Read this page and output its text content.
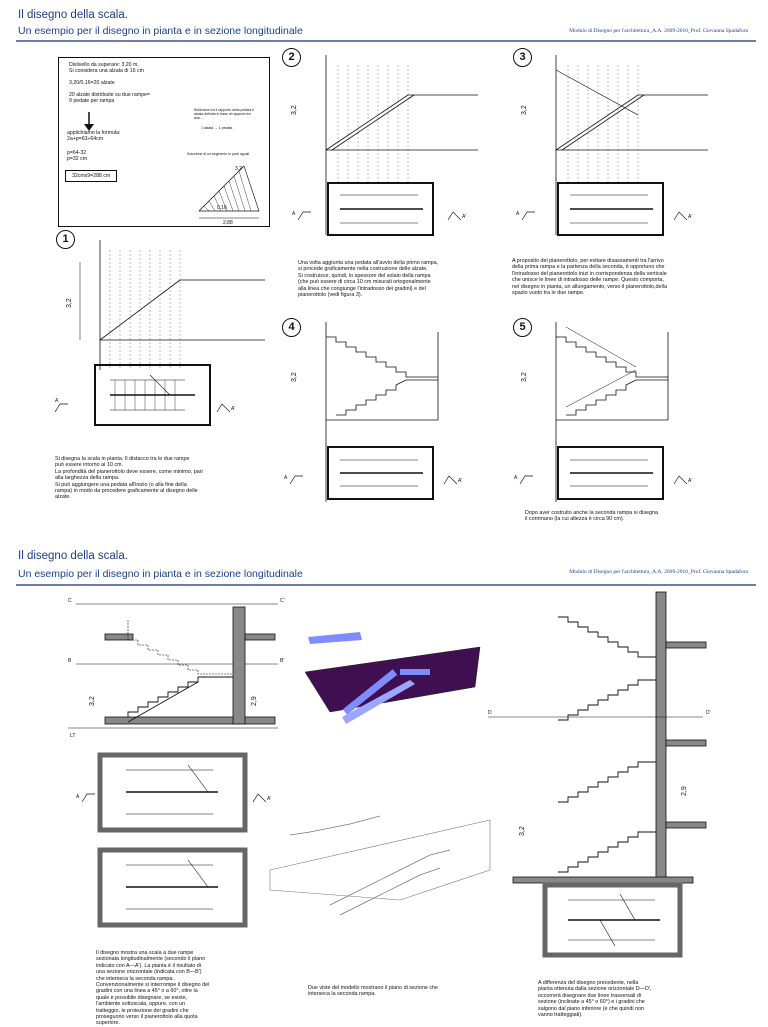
Il disegno della scala.
Un esempio per il disegno in pianta e in sezione longitudinale	Modulo di Disegno per l'architettura_A.A. 2009-2010_Prof. Giovanna Spadafora
Dislivello da superare: 3,20 m.
Si considera una alzata di 16 cm

3,20/0,16=20 alzate

20 alzate distribuite su due rampe=
9 pedate per rampa
applichiamo la formula:
2a+p=63÷64cm
p=64-32
p=32 cm
32cmx9=288 cm
Relazione tra il rapporto della pedata e
alzata definita in base al rapporto tra
due...
1 alzata → 1 pedata
Soluzione di un segmento in parti uguali
2,88
3,2
0,16
1
2	3
4	5
3,2
A
A'
Si disegna la scala in pianta. Il distacco tra le due rampe
può essere intorno ai 10 cm.
La profondità del pianerottolo deve essere, come minimo, pari
alla larghezza della rampa.
Si può aggiungere una pedata all'inizio (o alla fine della
rampa) in modo da procedere graficamente al disegno delle
alzate.
3,2
A	A'
Una volta aggiunta una pedata all'avvio della primo rampa,
si procede graficamente nella costruzione delle alzate.
Si costruisce, quindi, lo spessore del solaio della rampa
(che può essere di circa 10 cm misurati ortogonalmente
alla linea che congiunge l'intradosso dei gradini) e del
pianerottolo (vedi figura 3).
3,2
A	A'
A proposito del pianerottolo, per evitare disassamenti tra l'arrivo
della prima rampa e la partenza della seconda, è opportuno che
l'intradosso del pianerottolo inizi in corrispondenza della verticale
che unisce le linee di intradosso delle rampe. Questo comporta,
nel disegno in pianta, un allungamento, verso il pianerottolo,della
spazio vuoto tra le due rampe.
3,2
A	A'
3,2
A	A'
Dopo aver costruito anche la seconda rampa si disegna
il corrimano (la cui altezza è circa 90 cm).
Il disegno della scala.
Un esempio per il disegno in pianta e in sezione longitudinale	Modulo di Disegno per l'architettura_A.A. 2009-2010_Prof. Giovanna Spadafora
C	C'
B	B'
3,2	2,9
LT
A	A'
Il disegno mostra una scala a due rampe
sezionata longitudinalmente (secondo il piano
indicato con A—A'). La pianta è il risultato di
una sezione orizzontale (indicata con B—B')
che interseca la seconda rampa.
Convenzionalmente si interrompe il disegno dei
gradini con una linea a 45° o a 60°, oltre la
quale è possibile disegnare, se esiste,
l'ambiente sottoscala, oppure, con un
tratteggio, le proiezione dei gradini che
proseguono verso il pianerottolo alla quota
superiore.
Due viste del modello mostrano il piano di sezione che
interseca la seconda rampa.
D	D'
3,2
2,9
A differenza del disegno precedente, nella
pianta ottenuta dalla sezione orizzontale D—D',
occorrerà disegnare due linee trasversali di
sezione (inclinate a 45° o 60°) e i gradini che
salgono dal piano inferiore (e che quindi non
vanno tratteggiati).
